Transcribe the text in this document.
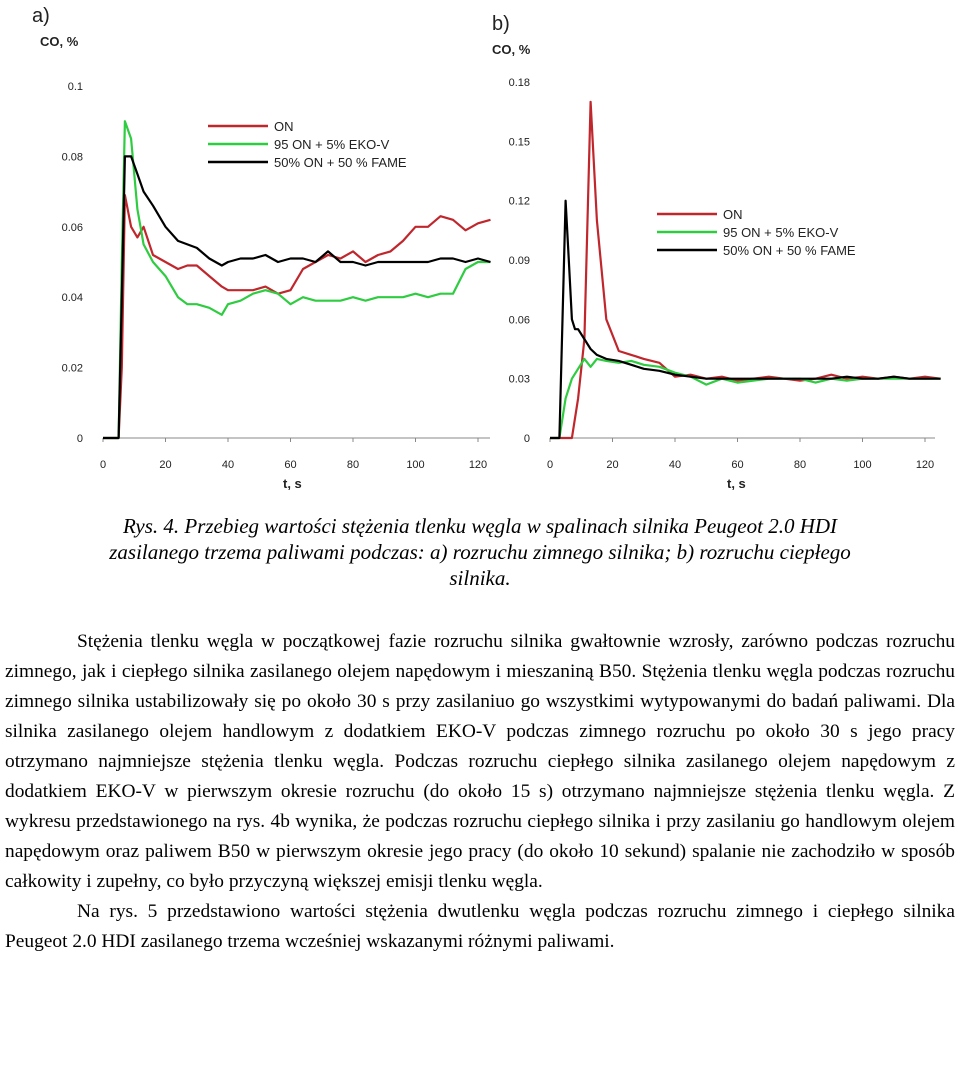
a)
CO, %
t, s
0	20	40	60	80	100	120
0
0.02
0.04
0.06
0.08
0.1
ON
95 ON + 5% EKO-V
50% ON + 50 % FAME
b)
CO, %
t, s
0	20	40	60	80	100	120
0
0.03
0.06
0.09
0.12
0.15
0.18
ON
95 ON + 5% EKO-V
50% ON + 50 % FAME
Rys. 4. Przebieg wartości stężenia tlenku węgla w spalinach silnika Peugeot 2.0 HDI
zasilanego trzema paliwami podczas: a) rozruchu zimnego silnika; b) rozruchu ciepłego
silnika.

Stężenia tlenku węgla w początkowej fazie rozruchu silnika gwałtownie wzrosły, zarówno podczas rozruchu zimnego, jak i ciepłego silnika zasilanego olejem napędowym i mieszaniną B50. Stężenia tlenku węgla podczas rozruchu zimnego silnika ustabilizowały się po około 30 s przy zasilaniuo go wszystkimi wytypowanymi do badań paliwami. Dla silnika zasilanego olejem handlowym z dodatkiem EKO-V podczas zimnego rozruchu po około 30 s jego pracy otrzymano najmniejsze stężenia tlenku węgla. Podczas rozruchu ciepłego silnika zasilanego olejem napędowym z dodatkiem EKO-V w pierwszym okresie rozruchu (do około 15 s) otrzymano najmniejsze stężenia tlenku węgla. Z wykresu przedstawionego na rys. 4b wynika, że podczas rozruchu ciepłego silnika i przy zasilaniu go handlowym olejem napędowym oraz paliwem B50 w pierwszym okresie jego pracy (do około 10 sekund) spalanie nie zachodziło w sposób całkowity i zupełny, co było przyczyną większej emisji tlenku węgla.

Na rys. 5 przedstawiono wartości stężenia dwutlenku węgla podczas rozruchu zimnego i ciepłego silnika Peugeot 2.0 HDI zasilanego trzema wcześniej wskazanymi różnymi paliwami.
